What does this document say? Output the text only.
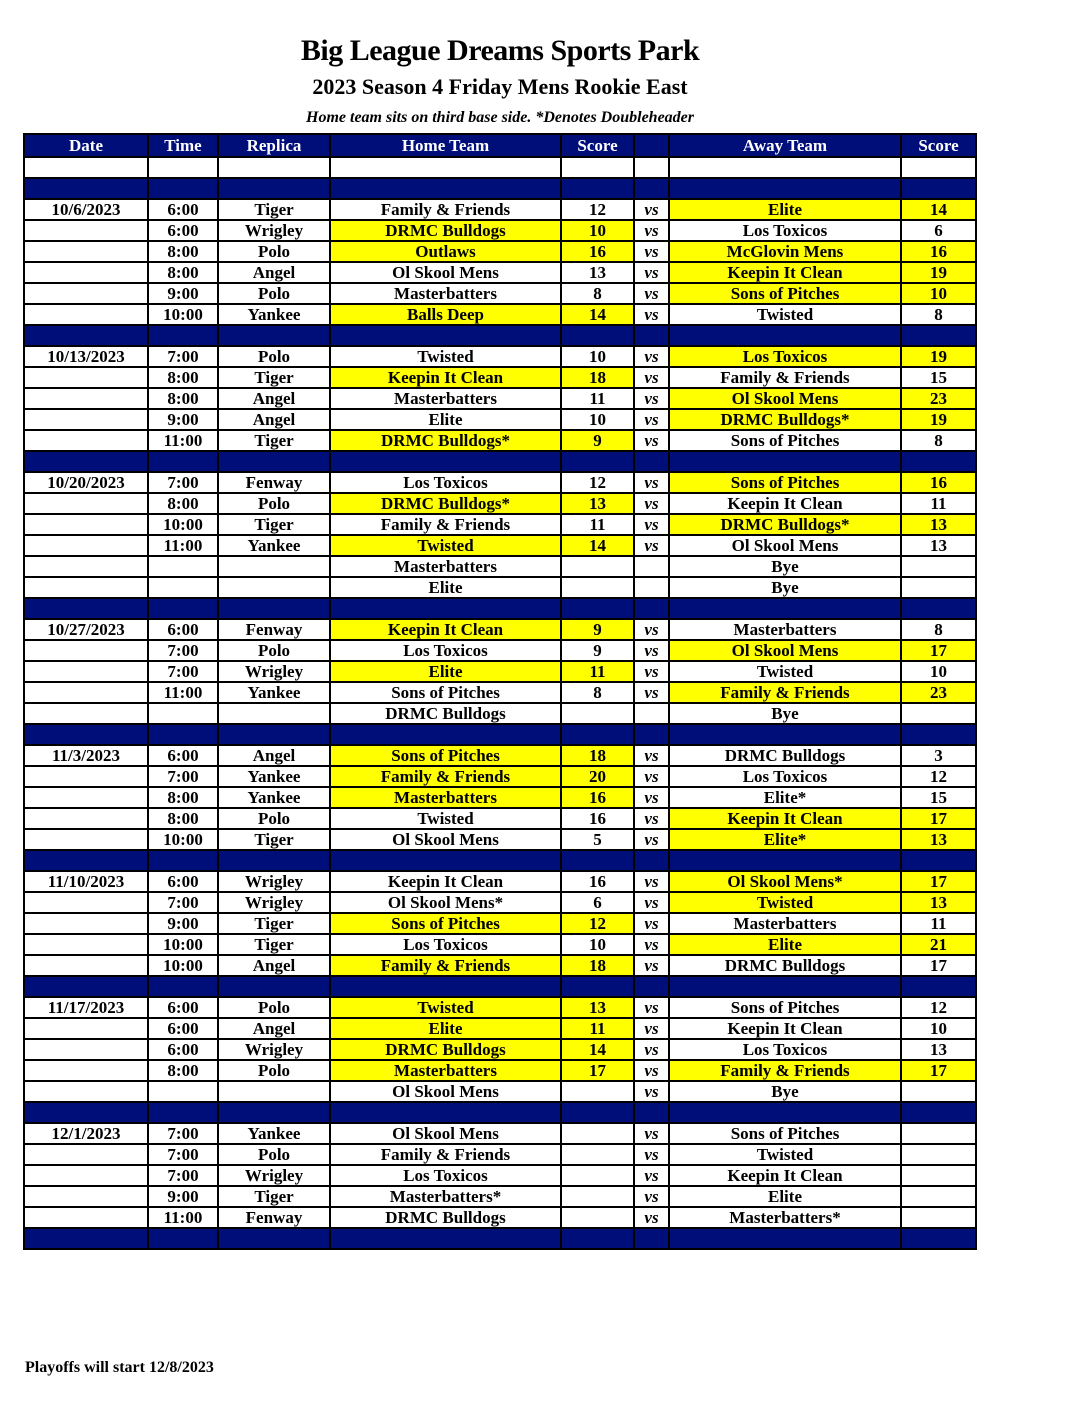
Big League Dreams Sports Park
2023 Season 4 Friday Mens Rookie East
Home team sits on third base side. *Denotes Doubleheader
Date	Time	Replica	Home Team	Score		Away Team	Score

10/6/2023	6:00	Tiger	Family & Friends	12	vs	Elite	14
	6:00	Wrigley	DRMC Bulldogs	10	vs	Los Toxicos	6
	8:00	Polo	Outlaws	16	vs	McGlovin Mens	16
	8:00	Angel	Ol Skool Mens	13	vs	Keepin It Clean	19
	9:00	Polo	Masterbatters	8	vs	Sons of Pitches	10
	10:00	Yankee	Balls Deep	14	vs	Twisted	8

10/13/2023	7:00	Polo	Twisted	10	vs	Los Toxicos	19
	8:00	Tiger	Keepin It Clean	18	vs	Family & Friends	15
	8:00	Angel	Masterbatters	11	vs	Ol Skool Mens	23
	9:00	Angel	Elite	10	vs	DRMC Bulldogs*	19
	11:00	Tiger	DRMC Bulldogs*	9	vs	Sons of Pitches	8

10/20/2023	7:00	Fenway	Los Toxicos	12	vs	Sons of Pitches	16
	8:00	Polo	DRMC Bulldogs*	13	vs	Keepin It Clean	11
	10:00	Tiger	Family & Friends	11	vs	DRMC Bulldogs*	13
	11:00	Yankee	Twisted	14	vs	Ol Skool Mens	13
			Masterbatters			Bye	
			Elite			Bye	

10/27/2023	6:00	Fenway	Keepin It Clean	9	vs	Masterbatters	8
	7:00	Polo	Los Toxicos	9	vs	Ol Skool Mens	17
	7:00	Wrigley	Elite	11	vs	Twisted	10
	11:00	Yankee	Sons of Pitches	8	vs	Family & Friends	23
			DRMC Bulldogs			Bye	

11/3/2023	6:00	Angel	Sons of Pitches	18	vs	DRMC Bulldogs	3
	7:00	Yankee	Family & Friends	20	vs	Los Toxicos	12
	8:00	Yankee	Masterbatters	16	vs	Elite*	15
	8:00	Polo	Twisted	16	vs	Keepin It Clean	17
	10:00	Tiger	Ol Skool Mens	5	vs	Elite*	13

11/10/2023	6:00	Wrigley	Keepin It Clean	16	vs	Ol Skool Mens*	17
	7:00	Wrigley	Ol Skool Mens*	6	vs	Twisted	13
	9:00	Tiger	Sons of Pitches	12	vs	Masterbatters	11
	10:00	Tiger	Los Toxicos	10	vs	Elite	21
	10:00	Angel	Family & Friends	18	vs	DRMC Bulldogs	17

11/17/2023	6:00	Polo	Twisted	13	vs	Sons of Pitches	12
	6:00	Angel	Elite	11	vs	Keepin It Clean	10
	6:00	Wrigley	DRMC Bulldogs	14	vs	Los Toxicos	13
	8:00	Polo	Masterbatters	17	vs	Family & Friends	17
			Ol Skool Mens		vs	Bye	

12/1/2023	7:00	Yankee	Ol Skool Mens		vs	Sons of Pitches	
	7:00	Polo	Family & Friends		vs	Twisted	
	7:00	Wrigley	Los Toxicos		vs	Keepin It Clean	
	9:00	Tiger	Masterbatters*		vs	Elite	
	11:00	Fenway	DRMC Bulldogs		vs	Masterbatters*	

Playoffs will start 12/8/2023
